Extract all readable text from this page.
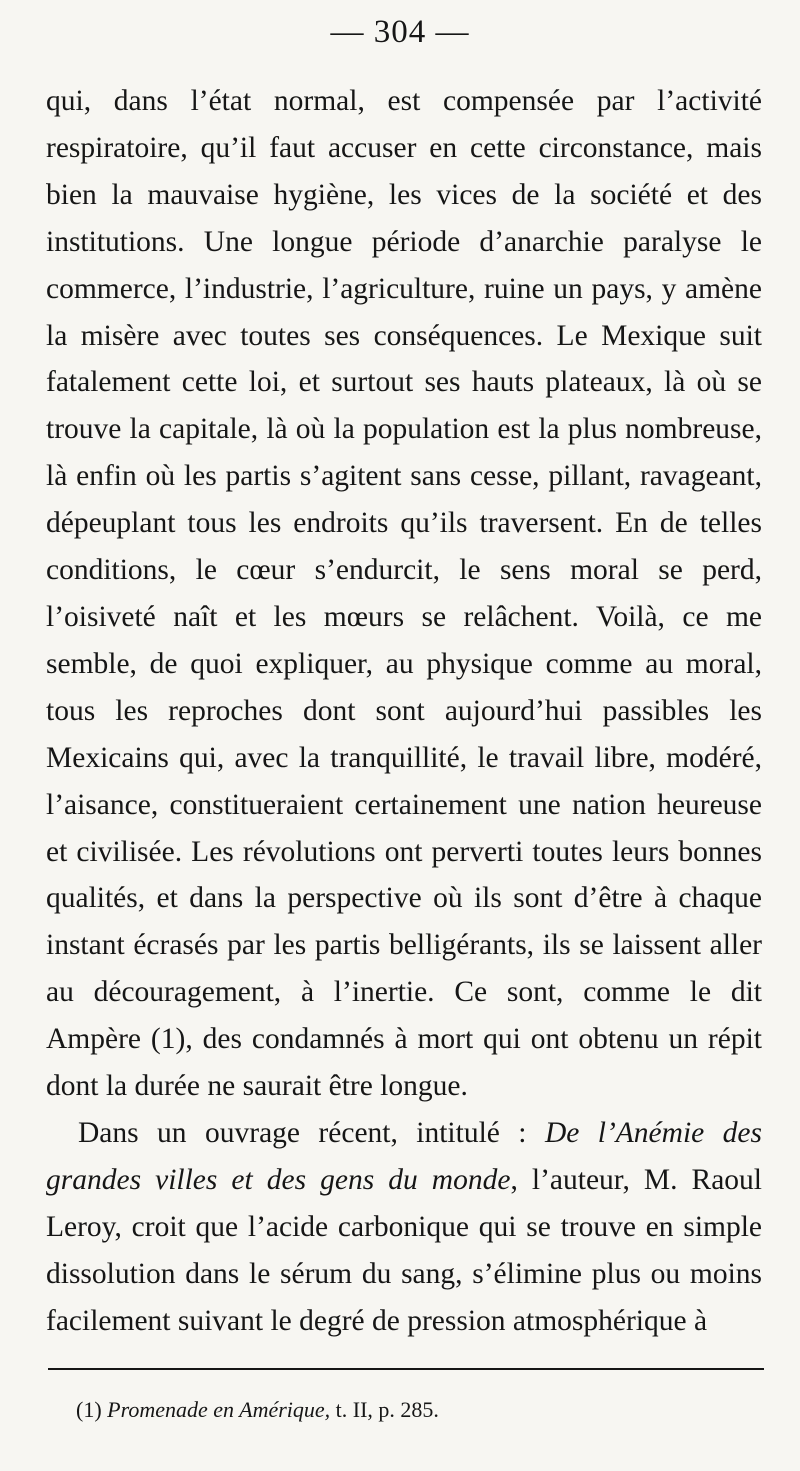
— 304 —

qui, dans l’état normal, est compensée par l’activité respiratoire, qu’il faut accuser en cette circonstance, mais bien la mauvaise hygiène, les vices de la société et des institutions. Une longue période d’anarchie paralyse le commerce, l’industrie, l’agriculture, ruine un pays, y amène la misère avec toutes ses conséquences. Le Mexique suit fatalement cette loi, et surtout ses hauts plateaux, là où se trouve la capitale, là où la population est la plus nombreuse, là enfin où les partis s’agitent sans cesse, pillant, ravageant, dépeuplant tous les endroits qu’ils traversent. En de telles conditions, le cœur s’endurcit, le sens moral se perd, l’oisiveté naît et les mœurs se relâchent. Voilà, ce me semble, de quoi expliquer, au physique comme au moral, tous les reproches dont sont aujourd’hui passibles les Mexicains qui, avec la tranquillité, le travail libre, modéré, l’aisance, constitueraient certainement une nation heureuse et civilisée. Les révolutions ont perverti toutes leurs bonnes qualités, et dans la perspective où ils sont d’être à chaque instant écrasés par les partis belligérants, ils se laissent aller au découragement, à l’inertie. Ce sont, comme le dit Ampère (1), des condamnés à mort qui ont obtenu un répit dont la durée ne saurait être longue.

Dans un ouvrage récent, intitulé : De l’Anémie des grandes villes et des gens du monde, l’auteur, M. Raoul Leroy, croit que l’acide carbonique qui se trouve en simple dissolution dans le sérum du sang, s’élimine plus ou moins facilement suivant le degré de pression atmosphérique à

(1) Promenade en Amérique, t. II, p. 285.
